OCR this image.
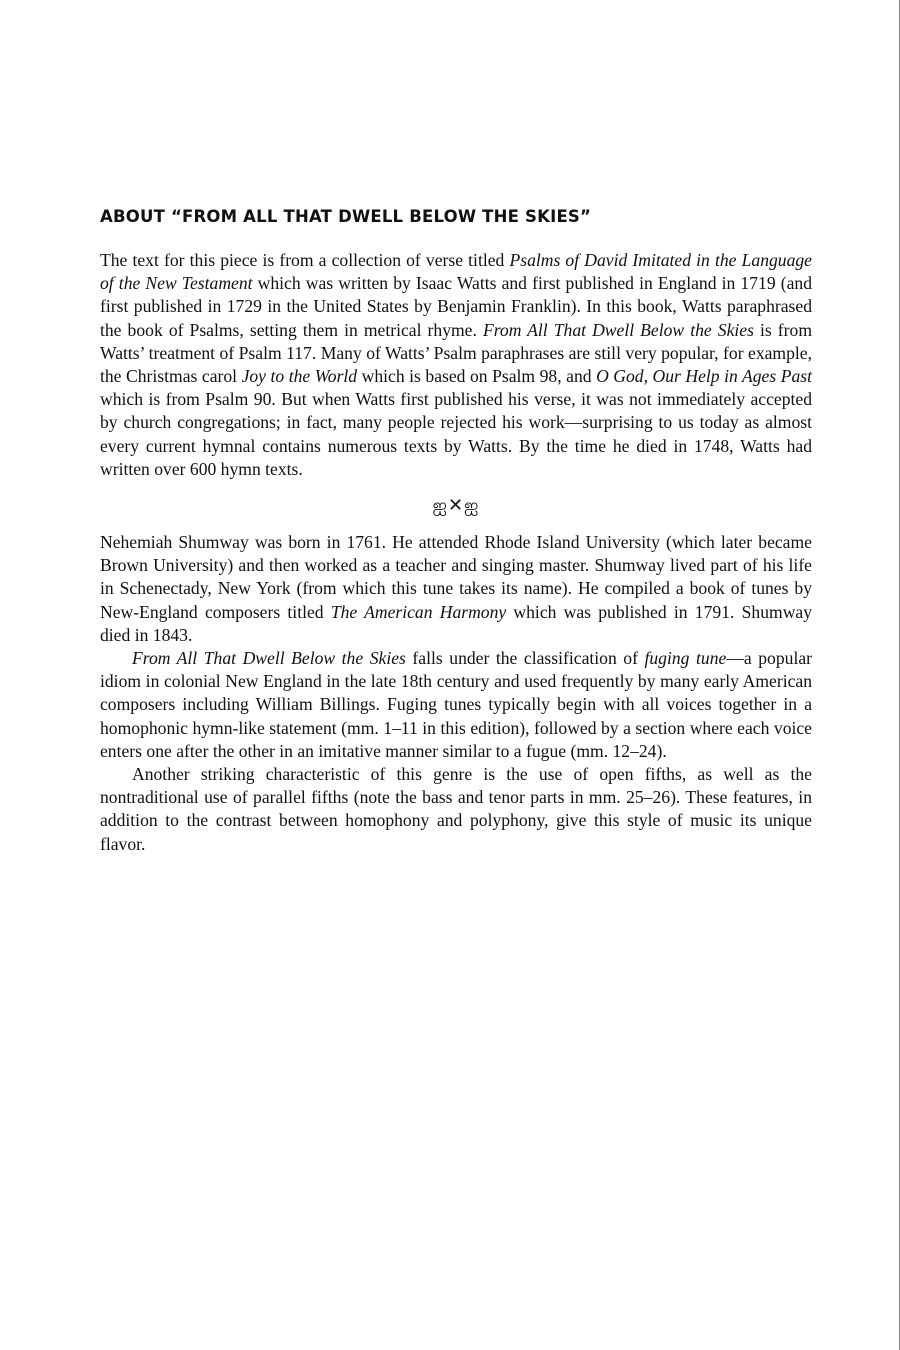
ABOUT “FROM ALL THAT DWELL BELOW THE SKIES”

The text for this piece is from a collection of verse titled Psalms of David Imitated in the Language of the New Testament which was written by Isaac Watts and first published in England in 1719 (and first published in 1729 in the United States by Benjamin Franklin). In this book, Watts paraphrased the book of Psalms, setting them in metrical rhyme. From All That Dwell Below the Skies is from Watts’ treatment of Psalm 117. Many of Watts’ Psalm paraphrases are still very popular, for example, the Christmas carol Joy to the World which is based on Psalm 98, and O God, Our Help in Ages Past which is from Psalm 90. But when Watts first published his verse, it was not immediately accepted by church congregations; in fact, many people rejected his work—surprising to us today as almost every current hymnal contains numerous texts by Watts. By the time he died in 1748, Watts had written over 600 hymn texts.

ஐ✕ஐ

Nehemiah Shumway was born in 1761. He attended Rhode Island University (which later became Brown University) and then worked as a teacher and singing master. Shumway lived part of his life in Schenectady, New York (from which this tune takes its name). He compiled a book of tunes by New-England composers titled The American Harmony which was published in 1791. Shumway died in 1843.

From All That Dwell Below the Skies falls under the classification of fuging tune—a popular idiom in colonial New England in the late 18th century and used frequently by many early American composers including William Billings. Fuging tunes typically begin with all voices together in a homophonic hymn-like statement (mm. 1–11 in this edition), followed by a section where each voice enters one after the other in an imitative manner similar to a fugue (mm. 12–24).

Another striking characteristic of this genre is the use of open fifths, as well as the nontraditional use of parallel fifths (note the bass and tenor parts in mm. 25–26). These features, in addition to the contrast between homophony and polyphony, give this style of music its unique flavor.
